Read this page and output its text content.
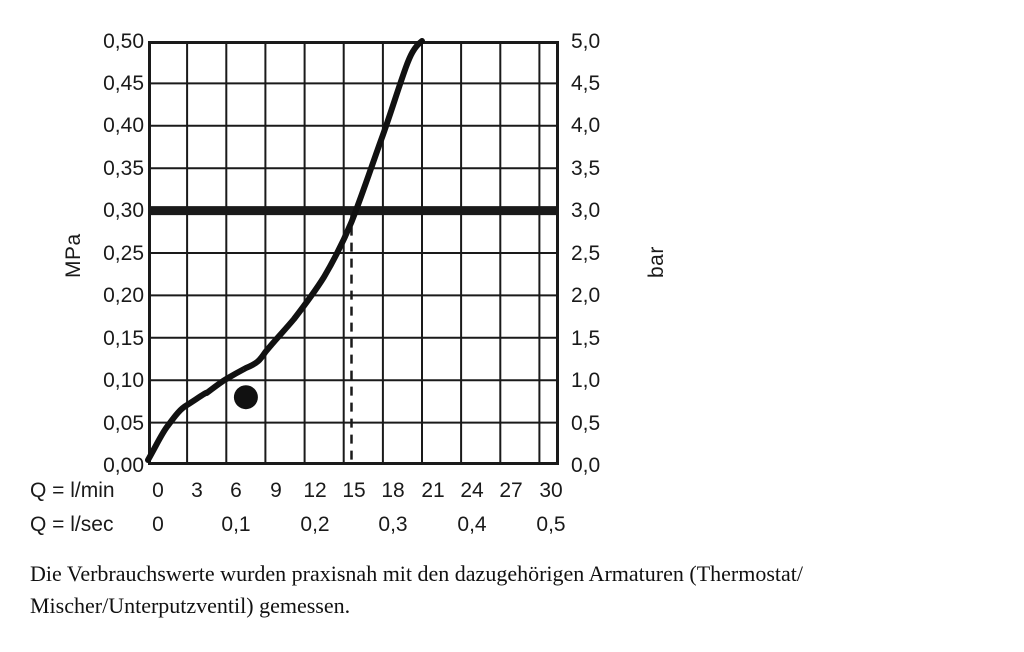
MPa	bar
0,50
0,45
0,40
0,35
0,30
0,25
0,20
0,15
0,10
0,05
0,00
5,0
4,5
4,0
3,5
3,0
2,5
2,0
1,5
1,0
0,5
0,0
Q = l/min 0 3 6 9 12 15 18 21 24 27 30
Q = l/sec 0	0,1 0,2 0,3 0,4 0,5
Die Verbrauchswerte wurden praxisnah mit den dazugehörigen Armaturen (Thermostat/
Mischer/Unterputzventil) gemessen.
